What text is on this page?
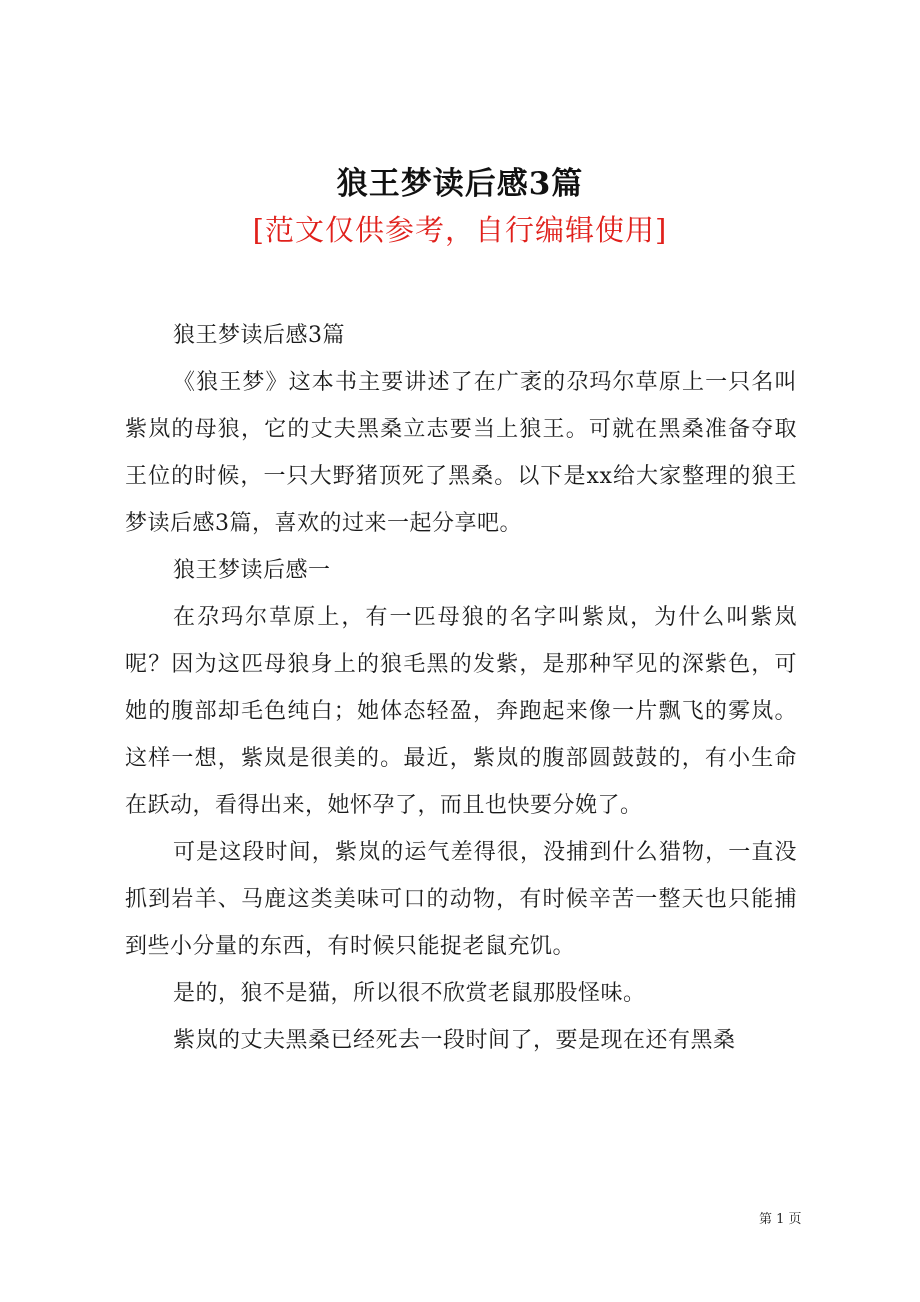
狼王梦读后感3篇
[范文仅供参考，自行编辑使用]

狼王梦读后感3篇

《狼王梦》这本书主要讲述了在广袤的尕玛尔草原上一只名叫紫岚的母狼，它的丈夫黑桑立志要当上狼王。可就在黑桑准备夺取王位的时候，一只大野猪顶死了黑桑。以下是xx给大家整理的狼王梦读后感3篇，喜欢的过来一起分享吧。

狼王梦读后感一

在尕玛尔草原上，有一匹母狼的名字叫紫岚，为什么叫紫岚呢？因为这匹母狼身上的狼毛黑的发紫，是那种罕见的深紫色，可她的腹部却毛色纯白；她体态轻盈，奔跑起来像一片飘飞的雾岚。这样一想，紫岚是很美的。最近，紫岚的腹部圆鼓鼓的，有小生命在跃动，看得出来，她怀孕了，而且也快要分娩了。

可是这段时间，紫岚的运气差得很，没捕到什么猎物，一直没抓到岩羊、马鹿这类美味可口的动物，有时候辛苦一整天也只能捕到些小分量的东西，有时候只能捉老鼠充饥。

是的，狼不是猫，所以很不欣赏老鼠那股怪味。

紫岚的丈夫黑桑已经死去一段时间了，要是现在还有黑桑

第 1 页
